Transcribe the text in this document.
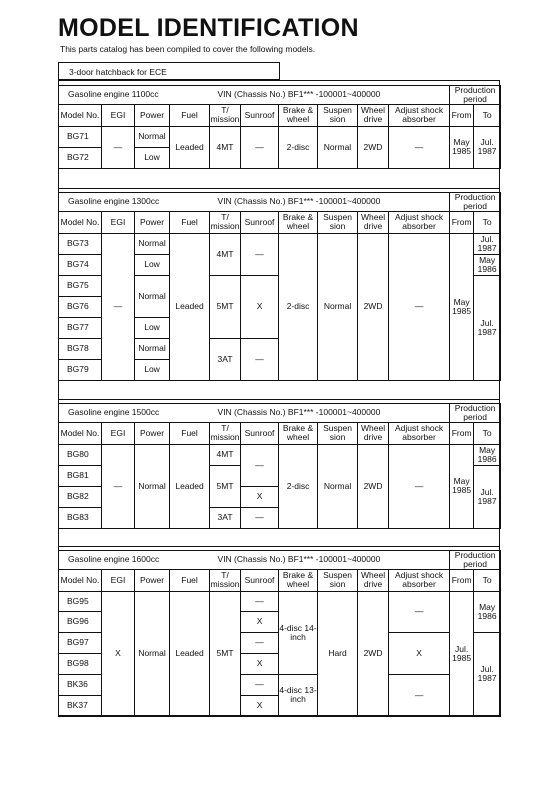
MODEL IDENTIFICATION
This parts catalog has been compiled to cover the following models.
3-door hatchback for ECE
Gasoline engine 1100cc			VIN (Chassis No.) BF1*** -100001~400000							Production period	
Model No.	EGI	Power	Fuel	T/ mission	Sunroof	Brake & wheel	Suspen sion	Wheel drive	Adjust shock absorber	From	To
BG71	—	Normal	Leaded	4MT	—	2-disc	Normal	2WD	—	May 1985	Jul. 1987
BG72		Low									
Gasoline engine 1300cc			VIN (Chassis No.) BF1*** -100001~400000							Production period	
Model No.	EGI	Power	Fuel	T/ mission	Sunroof	Brake & wheel	Suspen sion	Wheel drive	Adjust shock absorber	From	To
BG73	—	Normal	Leaded	4MT	—	2-disc	Normal	2WD	—	May 1985	Jul. 1987
BG74		Low									May 1986
BG75		Normal		5MT	X						Jul. 1987
BG76											
BG77		Low									
BG78		Normal		3AT	—						
BG79		Low									
Gasoline engine 1500cc			VIN (Chassis No.) BF1*** -100001~400000							Production period	
Model No.	EGI	Power	Fuel	T/ mission	Sunroof	Brake & wheel	Suspen sion	Wheel drive	Adjust shock absorber	From	To
BG80	—	Normal	Leaded	4MT	—	2-disc	Normal	2WD	—	May 1985	May 1986
BG81				5MT							Jul. 1987
BG82					X						
BG83				3AT	—						
Gasoline engine 1600cc			VIN (Chassis No.) BF1*** -100001~400000							Production period	
Model No.	EGI	Power	Fuel	T/ mission	Sunroof	Brake & wheel	Suspen sion	Wheel drive	Adjust shock absorber	From	To
BG95	X	Normal	Leaded	5MT	—	4-disc 14-inch	Hard	2WD	—	Jul. 1985	May 1986
BG96					X						
BG97					—				X		Jul. 1987
BG98					X						
BK36					—	4-disc 13-inch			—		
BK37					X						
